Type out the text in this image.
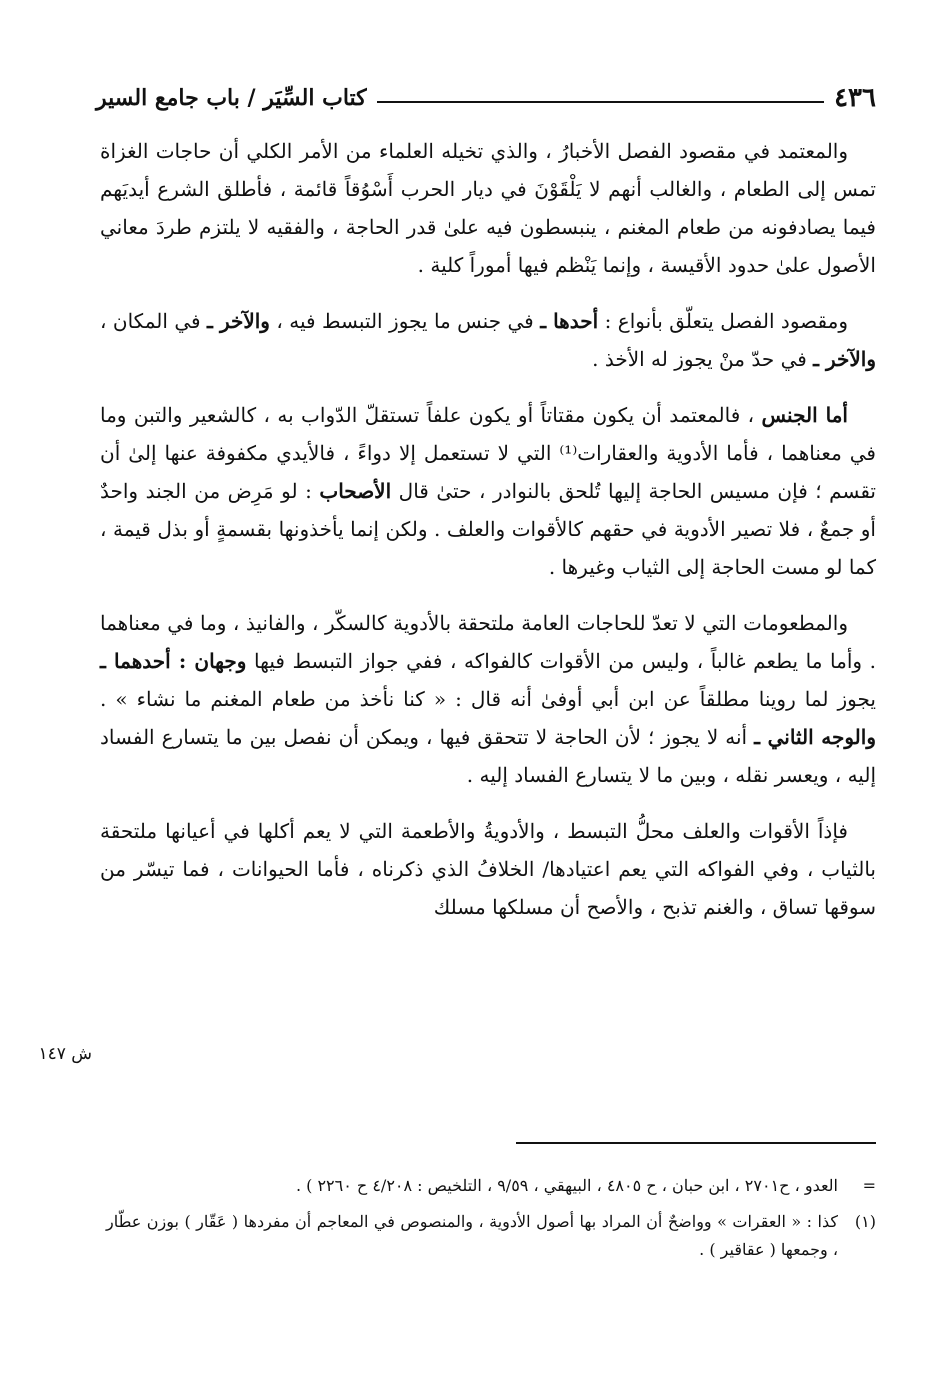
٤٣٦
كتاب السِّيَر / باب جامع السير

والمعتمد في مقصود الفصل الأخبارُ ، والذي تخيله العلماء من الأمر الكلي أن حاجات الغزاة تمس إلى الطعام ، والغالب أنهم لا يَلْقَوْنَ في ديار الحرب أَسْوُقاً قائمة ، فأطلق الشرع أيديَهم فيما يصادفونه من طعام المغنم ، ينبسطون فيه علىٰ قدر الحاجة ، والفقيه لا يلتزم طردَ معاني الأصول علىٰ حدود الأقيسة ، وإنما يَنْظم فيها أموراً كلية .

ومقصود الفصل يتعلّق بأنواع : أحدها ـ في جنس ما يجوز التبسط فيه ، والآخر ـ في المكان ، والآخر ـ في حدّ منْ يجوز له الأخذ .

أما الجنس ، فالمعتمد أن يكون مقتاتاً أو يكون علفاً تستقلّ الدّواب به ، كالشعير والتبن وما في معناهما ، فأما الأدوية والعقارات⁽¹⁾ التي لا تستعمل إلا دواءً ، فالأيدي مكفوفة عنها إلىٰ أن تقسم ؛ فإن مسيس الحاجة إليها تُلحق بالنوادر ، حتىٰ قال الأصحاب : لو مَرِض من الجند واحدٌ أو جمعٌ ، فلا تصير الأدوية في حقهم كالأقوات والعلف . ولكن إنما يأخذونها بقسمةٍ أو بذل قيمة ، كما لو مست الحاجة إلى الثياب وغيرها .

والمطعومات التي لا تعدّ للحاجات العامة ملتحقة بالأدوية كالسكّر ، والفانيذ ، وما في معناهما . وأما ما يطعم غالباً ، وليس من الأقوات كالفواكه ، ففي جواز التبسط فيها وجهان : أحدهما ـ يجوز لما روينا مطلقاً عن ابن أبي أوفىٰ أنه قال : « كنا نأخذ من طعام المغنم ما نشاء » . والوجه الثاني ـ أنه لا يجوز ؛ لأن الحاجة لا تتحقق فيها ، ويمكن أن نفصل بين ما يتسارع الفساد إليه ، ويعسر نقله ، وبين ما لا يتسارع الفساد إليه .

فإذاً الأقوات والعلف محلُّ التبسط ، والأدويةُ والأطعمة التي لا يعم أكلها في أعيانها ملتحقة بالثياب ، وفي الفواكه التي يعم اعتيادها/ الخلافُ الذي ذكرناه ، فأما الحيوانات ، فما تيسّر من سوقها تساق ، والغنم تذبح ، والأصح أن مسلكها مسلك

ش ١٤٧
=
العدو ، ح٢٧٠١ ، ابن حبان ، ح ٤٨٠٥ ، البيهقي ، ٩/٥٩ ، التلخيص : ٤/٢٠٨ ح ٢٢٦٠ ) .
(١)
كذا : « العقرات » وواضحٌ أن المراد بها أصول الأدوية ، والمنصوص في المعاجم أن مفردها ( عَقّار ) بوزن عطّار ، وجمعها ( عقاقير ) .
